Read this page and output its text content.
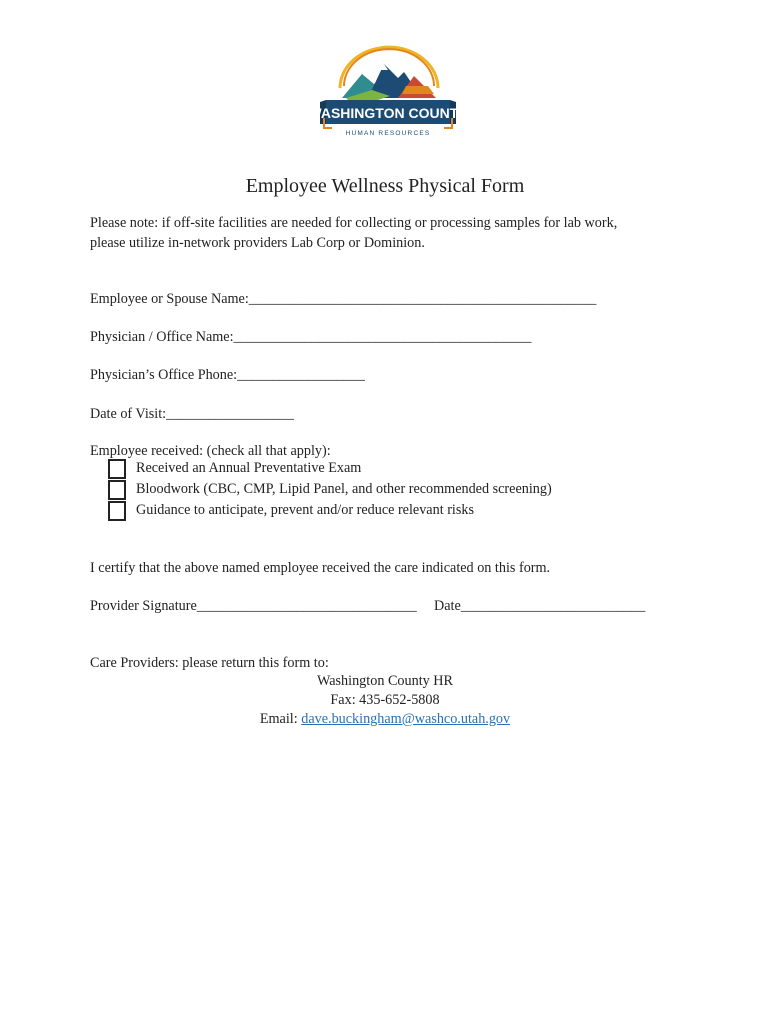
WASHINGTON COUNTY
HUMAN RESOURCES
Employee Wellness Physical Form
Please note: if off-site facilities are needed for collecting or processing samples for lab work,
please utilize in-network providers Lab Corp or Dominion.
Employee or Spouse Name:_________________________________________________
Physician / Office Name:__________________________________________
Physician’s Office Phone:__________________
Date of Visit:__________________
Employee received: (check all that apply):
Received an Annual Preventative Exam
Bloodwork (CBC, CMP, Lipid Panel, and other recommended screening)
Guidance to anticipate, prevent and/or reduce relevant risks
I certify that the above named employee received the care indicated on this form.
Provider Signature_______________________________ Date__________________________
Care Providers: please return this form to:
Washington County HR
Fax: 435-652-5808
Email: dave.buckingham@washco.utah.gov
